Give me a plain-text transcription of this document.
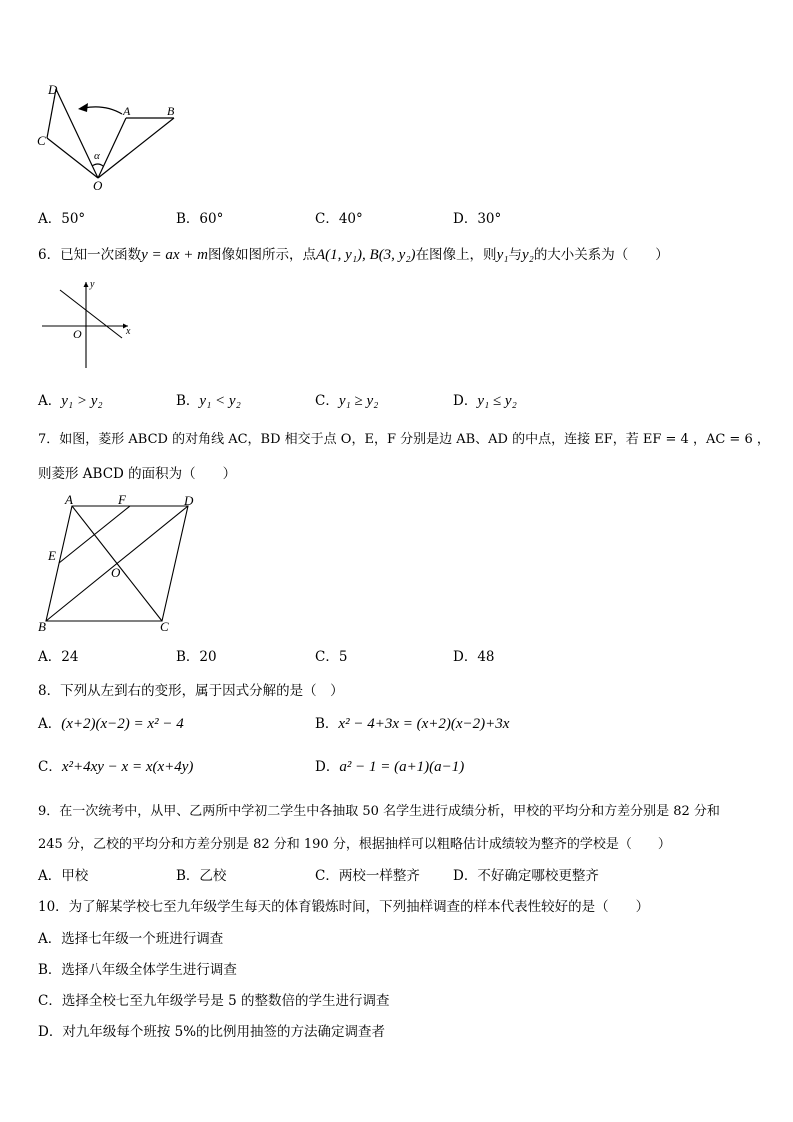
D
C
A	B
O
α
A．50°	B．60°	C．40°	D．30°
6．已知一次函数y = ax + m图像如图所示，点A(1, y₁), B(3, y₂)在图像上，则y₁与y₂的大小关系为（　　）
y
x
O
A．y₁ > y₂	B．y₁ < y₂	C．y₁ ≥ y₂	D．y₁ ≤ y₂
7．如图，菱形 ABCD 的对角线 AC，BD 相交于点 O，E，F 分别是边 AB、AD 的中点，连接 EF，若 EF = 4 ，AC = 6 ，
则菱形 ABCD 的面积为（　　）
A	F	D
E
O
B	C
A．24	B．20	C．5	D．48
8．下列从左到右的变形，属于因式分解的是（　）
A．(x+2)(x−2) = x² − 4	B．x² − 4+3x = (x+2)(x−2)+3x
C．x²+4xy − x = x(x+4y)	D．a² − 1 = (a+1)(a−1)
9．在一次统考中，从甲、乙两所中学初二学生中各抽取 50 名学生进行成绩分析，甲校的平均分和方差分别是 82 分和
245 分，乙校的平均分和方差分别是 82 分和 190 分，根据抽样可以粗略估计成绩较为整齐的学校是（　　）
A．甲校	B．乙校	C．两校一样整齐 D．不好确定哪校更整齐
10．为了解某学校七至九年级学生每天的体育锻炼时间，下列抽样调查的样本代表性较好的是（　　）
A．选择七年级一个班进行调查
B．选择八年级全体学生进行调查
C．选择全校七至九年级学号是 5 的整数倍的学生进行调查
D．对九年级每个班按 5%的比例用抽签的方法确定调查者
